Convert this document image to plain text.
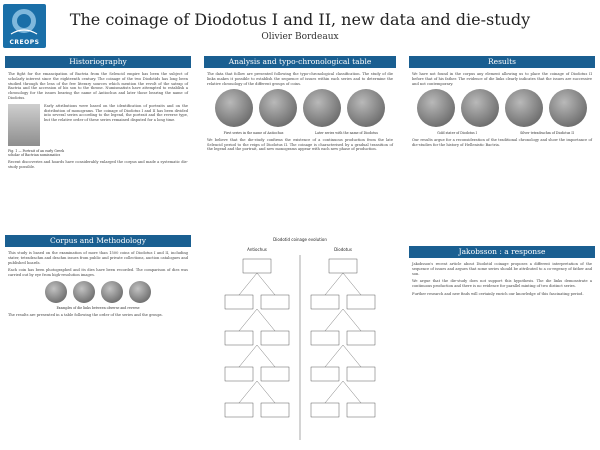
CREOPS
The coinage of Diodotus I and II, new data and die-study
Olivier Bordeaux
Historiography

The fight for the emancipation of Bactria from the Seleucid empire has been the subject of scholarly interest since the eighteenth century. The coinage of the two Diodotids has long been studied through the lens of the few literary sources which mention the revolt of the satrap of Bactria and the accession of his son to the throne. Numismatists have attempted to establish a chronology for the issues bearing the name of Antiochus and later those bearing the name of Diodotus.

Early attributions were based on the identification of portraits and on the distribution of monograms. The coinage of Diodotus I and II has been divided into several series according to the legend, the portrait and the reverse type, but the relative order of these series remained disputed for a long time.

Fig. 1 — Portrait of an early Greek scholar of Bactrian numismatics

Recent discoveries and hoards have considerably enlarged the corpus and made a systematic die-study possible.

Corpus and Methodology

This study is based on the examination of more than 1500 coins of Diodotus I and II, including stater, tetradrachm and drachm issues from public and private collections, auction catalogues and published hoards.

Each coin has been photographed and its dies have been recorded. The comparison of dies was carried out by eye from high-resolution images.

Examples of die links between obverse and reverse

The results are presented in a table following the order of the series and the groups.

Analysis and typo-chronological table

The data that follow are presented following the typo-chronological classification. The study of die links makes it possible to establish the sequence of issues within each series and to determine the relative chronology of the different groups of coins.

First series in the name of Antiochus	Later series with the name of Diodotus

We believe that the die-study confirms the existence of a continuous production from the late Seleucid period to the reign of Diodotus II. The coinage is characterised by a gradual transition of the legend and the portrait, and new monograms appear with each new phase of production.

Diodotid coinage evolution
Antiochus	Diodotus
Results

We have not found in the corpus any element allowing us to place the coinage of Diodotus II before that of his father. The evidence of die links clearly indicates that the issues are successive and not contemporary.

Gold stater of Diodotus I	Silver tetradrachm of Diodotus II

Our results argue for a reconsideration of the traditional chronology and show the importance of die-studies for the history of Hellenistic Bactria.

Jakobsson : a response

Jakobsson's recent article about Diodotid coinage proposes a different interpretation of the sequence of issues and argues that some series should be attributed to a co-regency of father and son.

We argue that the die-study does not support this hypothesis. The die links demonstrate a continuous production and there is no evidence for parallel minting of two distinct series.

Further research and new finds will certainly enrich our knowledge of this fascinating period.
